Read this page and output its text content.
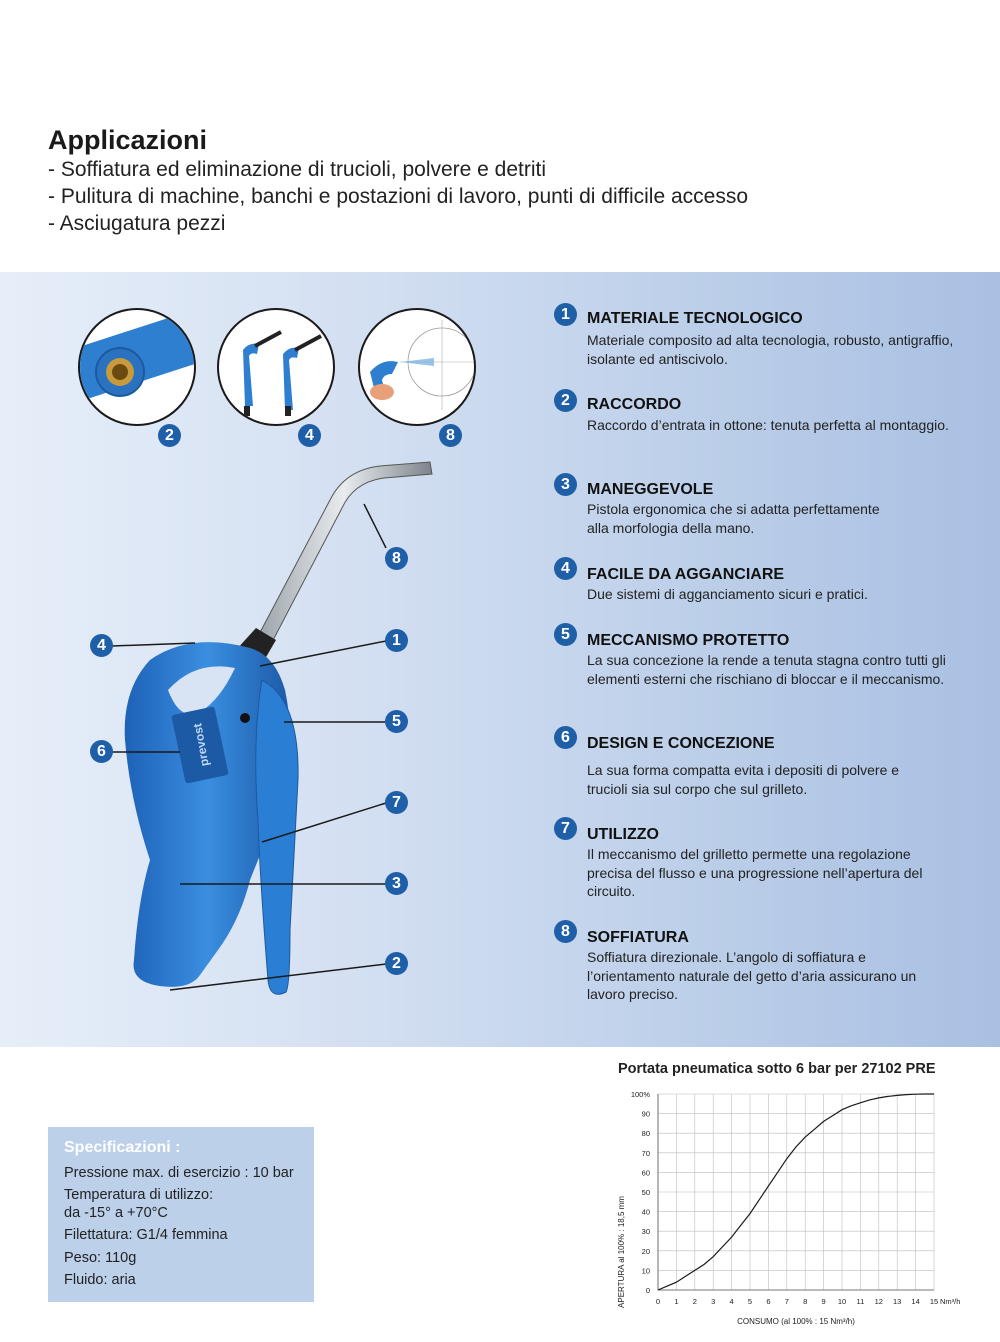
Applicazioni
- Soffiatura ed eliminazione di trucioli, polvere e detriti
- Pulitura di machine, banchi e postazioni di lavoro, punti di difficile accesso
- Asciugatura pezzi
2	4	8
prevost
8
4	1
6
5
7
3
2
1	MATERIALE TECNOLOGICO
Materiale composito ad alta tecnologia, robusto, antigraffio, isolante ed antiscivolo.
2	RACCORDO
Raccordo d’entrata in ottone: tenuta perfetta al montaggio.
3	MANEGGEVOLE
Pistola ergonomica che si adatta perfettamente alla morfologia della mano.
4	FACILE DA AGGANCIARE
Due sistemi di agganciamento sicuri e pratici.
5	MECCANISMO PROTETTO
La sua concezione la rende a tenuta stagna contro tutti gli elementi esterni che rischiano di bloccar e il meccanismo.
6	DESIGN E CONCEZIONE
La sua forma compatta evita i depositi di polvere e trucioli sia sul corpo che sul grilleto.
7	UTILIZZO
Il meccanismo del grilletto permette una regolazione precisa del flusso e una progressione nell’apertura del circuito.
8	SOFFIATURA
Soffiatura direzionale. L’angolo di soffiatura e l’orientamento naturale del getto d’aria assicurano un lavoro preciso.
Specificazioni :
Pressione max. di esercizio : 10 bar
Temperatura di utilizzo:
da -15° a +70°C
Filettatura: G1/4 femmina
Peso: 110g
Fluido: aria
Portata pneumatica sotto 6 bar per 27102 PRE
0
10
20
30
40
50
60
70
80
90
100%
0 1 2 3 4 5 6 7 8 9 10 11 12 13 14 15 Nm³/h
CONSUMO (al 100% : 15 Nm³/h)
APERTURA al 100% : 18,5 mm
